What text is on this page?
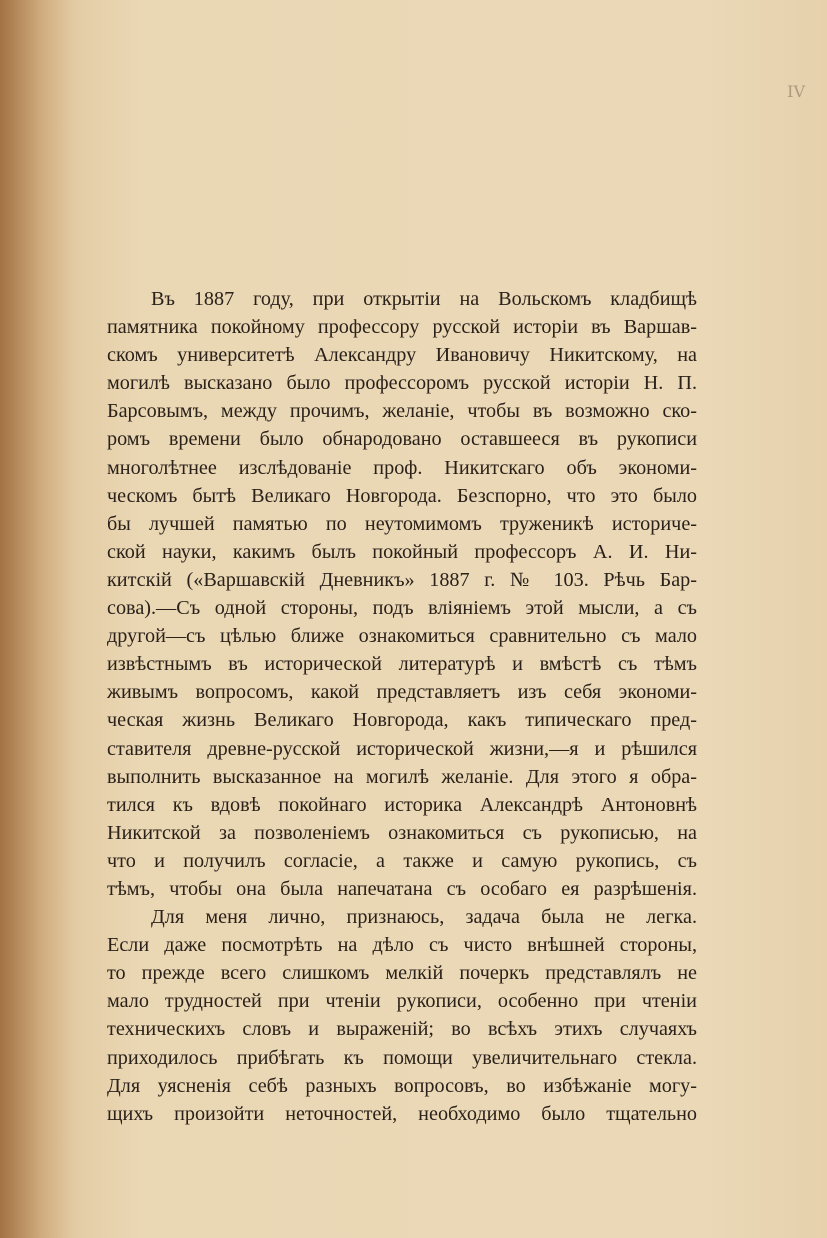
IV
Въ 1887 году, при открытіи на Вольскомъ кладбищѣ
памятника покойному профессору русской исторіи въ Варшав-
скомъ университетѣ Александру Ивановичу Никитскому, на
могилѣ высказано было профессоромъ русской исторіи Н. П.
Барсовымъ, между прочимъ, желаніе, чтобы въ возможно ско-
ромъ времени было обнародовано оставшееся въ рукописи
многолѣтнее изслѣдованіе проф. Никитскаго объ экономи-
ческомъ бытѣ Великаго Новгорода. Безспорно, что это было
бы лучшей памятью по неутомимомъ труженикѣ историче-
ской науки, какимъ былъ покойный профессоръ А. И. Ни-
китскій («Варшавскій Дневникъ» 1887 г. № 103. Рѣчь Бар-
сова).—Съ одной стороны, подъ вліяніемъ этой мысли, а съ
другой—съ цѣлью ближе ознакомиться сравнительно съ мало
извѣстнымъ въ исторической литературѣ и вмѣстѣ съ тѣмъ
живымъ вопросомъ, какой представляетъ изъ себя экономи-
ческая жизнь Великаго Новгорода, какъ типическаго пред-
ставителя древне-русской исторической жизни,—я и рѣшился
выполнить высказанное на могилѣ желаніе. Для этого я обра-
тился къ вдовѣ покойнаго историка Александрѣ Антоновнѣ
Никитской за позволеніемъ ознакомиться съ рукописью, на
что и получилъ согласіе, а также и самую рукопись, съ
тѣмъ, чтобы она была напечатана съ особаго ея разрѣшенія.
Для меня лично, признаюсь, задача была не легка.
Если даже посмотрѣть на дѣло съ чисто внѣшней стороны,
то прежде всего слишкомъ мелкій почеркъ представлялъ не
мало трудностей при чтеніи рукописи, особенно при чтеніи
техническихъ словъ и выраженій; во всѣхъ этихъ случаяхъ
приходилось прибѣгать къ помощи увеличительнаго стекла.
Для уясненія себѣ разныхъ вопросовъ, во избѣжаніе могу-
щихъ произойти неточностей, необходимо было тщательно
